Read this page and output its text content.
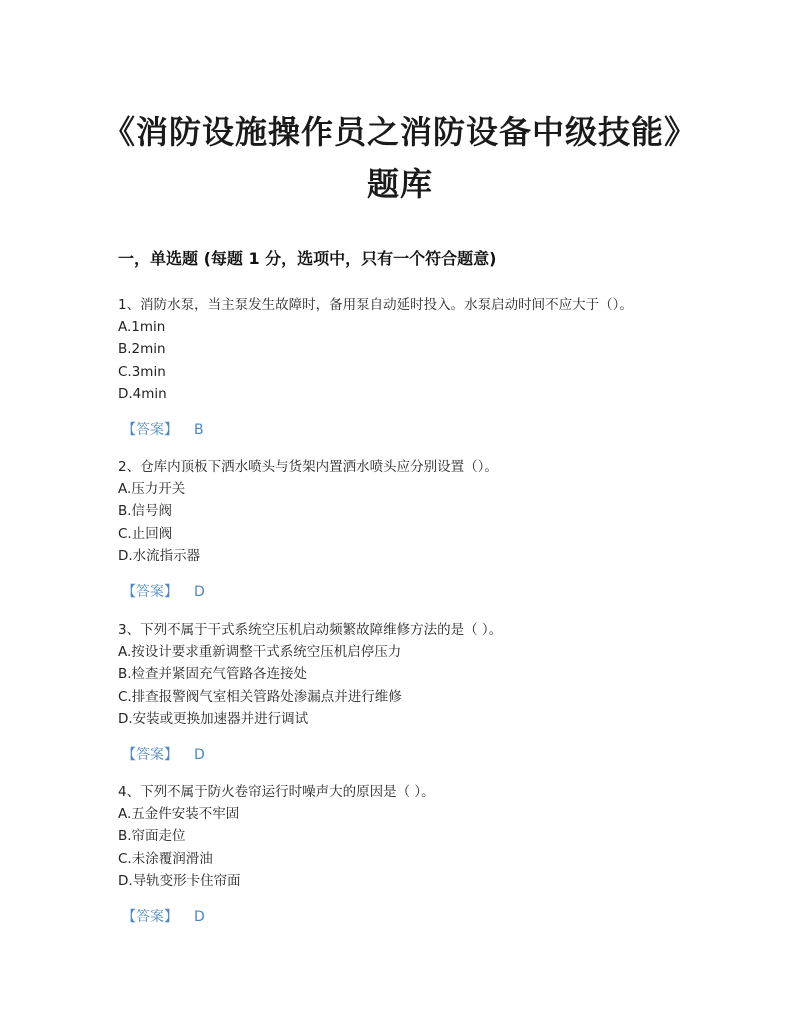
《消防设施操作员之消防设备中级技能》题库
一，单选题 (每题 1 分，选项中，只有一个符合题意)
1、消防水泵，当主泵发生故障时，备用泵自动延时投入。水泵启动时间不应大于（）。
A.1min
B.2min
C.3min
D.4min
【答案】 B
2、仓库内顶板下洒水喷头与货架内置洒水喷头应分别设置（）。
A.压力开关
B.信号阀
C.止回阀
D.水流指示器
【答案】 D
3、下列不属于干式系统空压机启动频繁故障维修方法的是（ ）。
A.按设计要求重新调整干式系统空压机启停压力
B.检查并紧固充气管路各连接处
C.排查报警阀气室相关管路处渗漏点并进行维修
D.安装或更换加速器并进行调试
【答案】 D
4、下列不属于防火卷帘运行时噪声大的原因是（ ）。
A.五金件安装不牢固
B.帘面走位
C.未涂覆润滑油
D.导轨变形卡住帘面
【答案】 D
